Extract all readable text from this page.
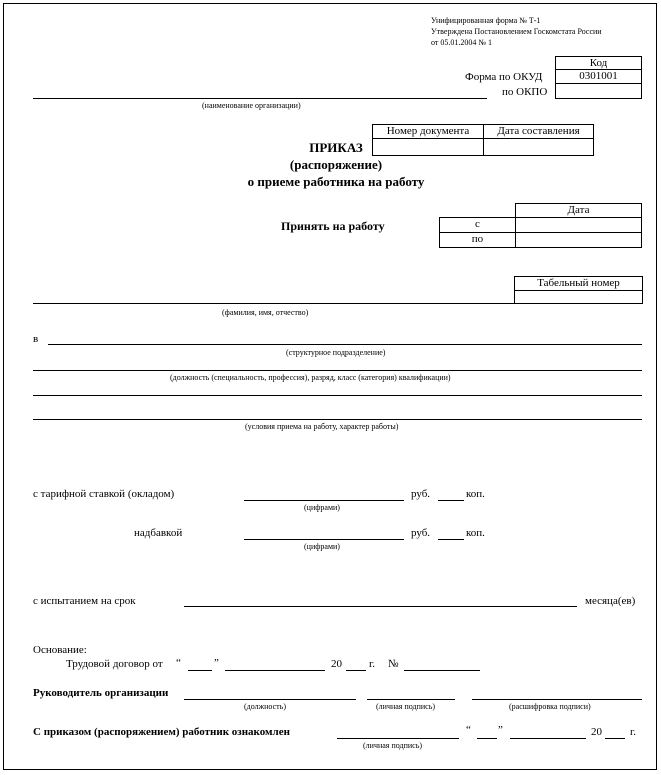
Унифицированная форма № Т-1
Утверждена Постановлением Госкомстата России
от 05.01.2004 № 1
Код
Форма по ОКУД	0301001
по ОКПО
(наименование организации)
Номер документа	Дата составления
ПРИКАЗ
(распоряжение)
о приеме работника на работу
Принять на работу
Дата
с
по
Табельный номер
(фамилия, имя, отчество)
в
(структурное подразделение)
(должность (специальность, профессия), разряд, класс (категория) квалификации)
(условия приема на работу, характер работы)
с тарифной ставкой (окладом)	руб.	коп.
(цифрами)
надбавкой	руб.	коп.
(цифрами)
с испытанием на срок	месяца(ев)
Основание:
Трудовой договор от “	”	20 г. №
Руководитель организации
(должность)	(личная подпись)	(расшифровка подписи)
С приказом (распоряжением) работник ознакомлен
(личная подпись)
“ ”	20	г.
